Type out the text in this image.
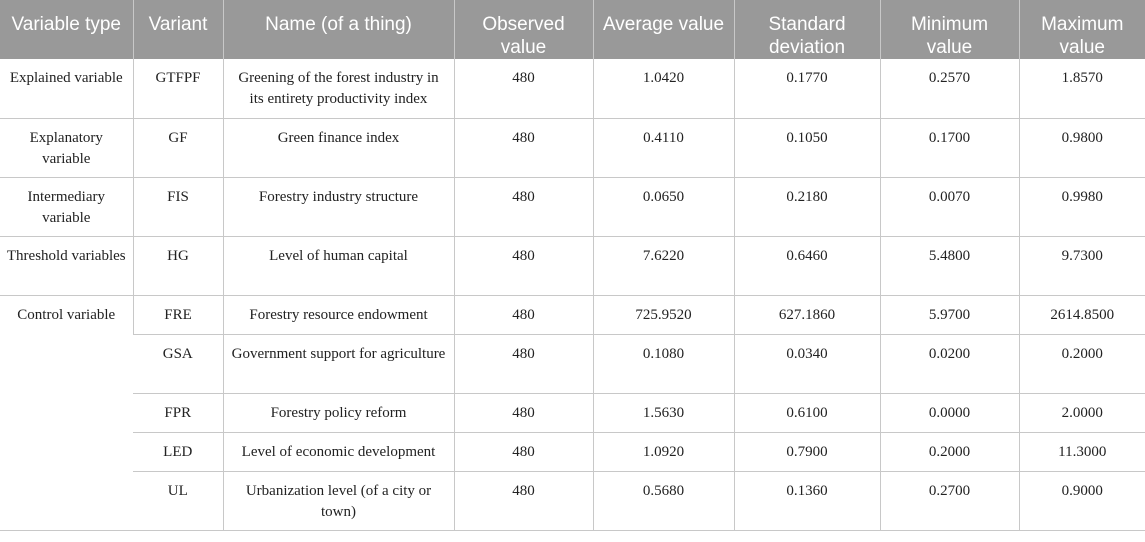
Variable type	Variant	Name (of a thing)	Observed value	Average value	Standard deviation	Minimum value	Maximum value
Explained variable	GTFPF	Greening of the forest industry in its entirety productivity index	480	1.0420	0.1770	0.2570	1.8570
Explanatory variable	GF	Green finance index	480	0.4110	0.1050	0.1700	0.9800
Intermediary variable	FIS	Forestry industry structure	480	0.0650	0.2180	0.0070	0.9980
Threshold variables	HG	Level of human capital	480	7.6220	0.6460	5.4800	9.7300
Control variable	FRE	Forestry resource endowment	480	725.9520	627.1860	5.9700	2614.8500
	GSA	Government support for agriculture	480	0.1080	0.0340	0.0200	0.2000
	FPR	Forestry policy reform	480	1.5630	0.6100	0.0000	2.0000
	LED	Level of economic development	480	1.0920	0.7900	0.2000	11.3000
	UL	Urbanization level (of a city or town)	480	0.5680	0.1360	0.2700	0.9000
